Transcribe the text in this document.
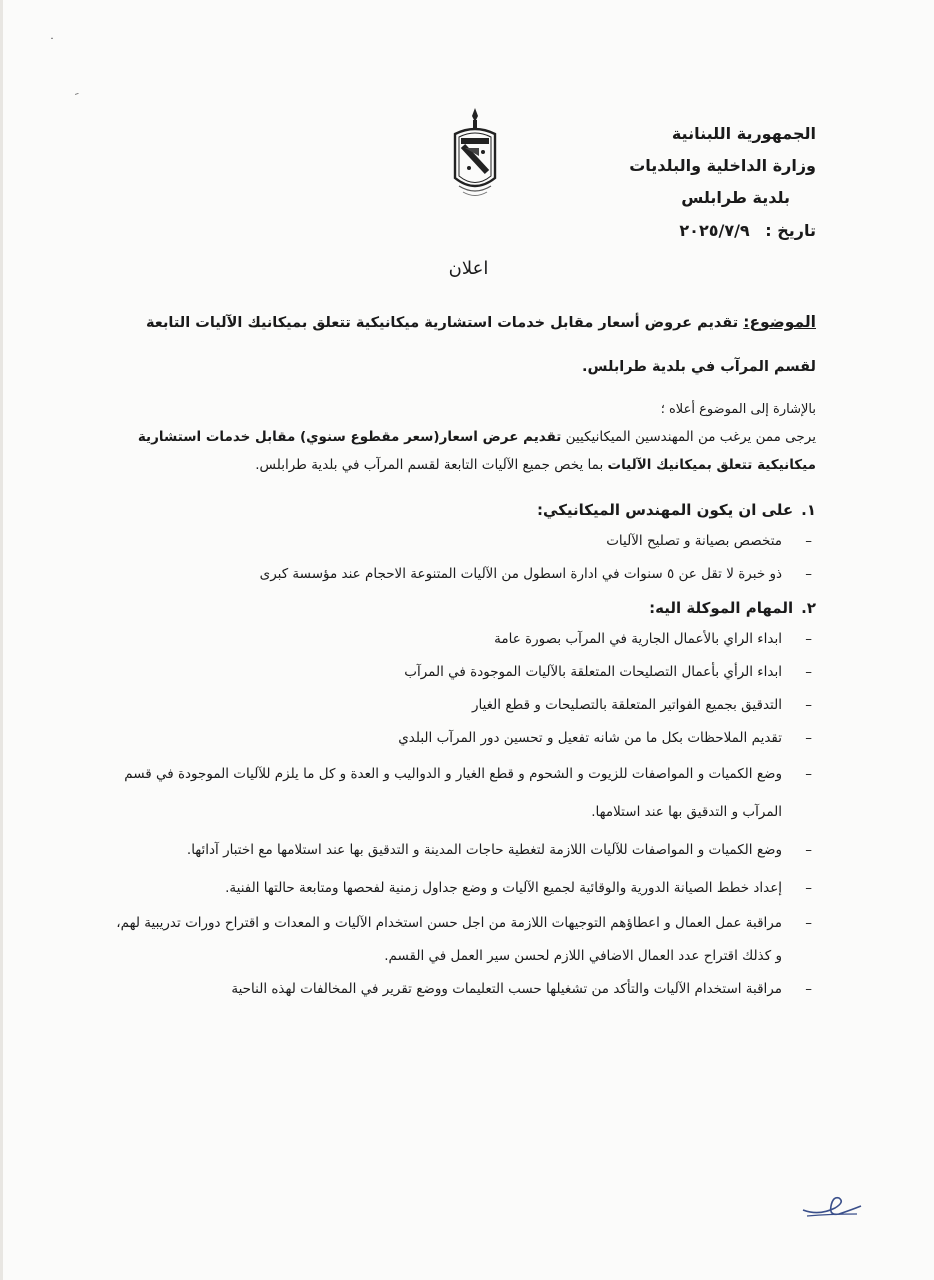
˙
ﹺ
الجمهورية اللبنانية
وزارة الداخلية والبلديات
بلدية طرابلس
تاريخ : ٢٠٢٥/٧/٩
اعلان
الموضوع: تقديم عروض أسعار مقابل خدمات استشارية ميكانيكية تتعلق بميكانيك الآليات التابعة لقسم المرآب في بلدية طرابلس.
بالإشارة إلى الموضوع أعلاه ؛
يرجى ممن يرغب من المهندسين الميكانيكيين تقديم عرض اسعار(سعر مقطوع سنوي) مقابل خدمات استشارية ميكانيكية تتعلق بميكانيك الآليات بما يخص جميع الآليات التابعة لقسم المرآب في بلدية طرابلس.
١.على ان يكون المهندس الميكانيكي:
–
متخصص بصيانة و تصليح الآليات
–
ذو خبرة لا تقل عن ٥ سنوات في ادارة اسطول من الآليات المتنوعة الاحجام عند مؤسسة كبرى
٢.المهام الموكلة اليه:
–
ابداء الراي بالأعمال الجارية في المرآب بصورة عامة
–
ابداء الرأي بأعمال التصليحات المتعلقة بالآليات الموجودة في المرآب
–
التدقيق بجميع الفواتير المتعلقة بالتصليحات و قطع الغيار
–
تقديم الملاحظات بكل ما من شانه تفعيل و تحسين دور المرآب البلدي
–
وضع الكميات و المواصفات للزيوت و الشحوم و قطع الغيار و الدواليب و العدة و كل ما يلزم للآليات الموجودة في قسم المرآب و التدقيق بها عند استلامها.
–
وضع الكميات و المواصفات للآليات اللازمة لتغطية حاجات المدينة و التدقيق بها عند استلامها مع اختبار آدائها.
–
إعداد خطط الصيانة الدورية والوقائية لجميع الآليات و وضع جداول زمنية لفحصها ومتابعة حالتها الفنية.
–
مراقبة عمل العمال و اعطاؤهم التوجيهات اللازمة من اجل حسن استخدام الآليات و المعدات و اقتراح دورات تدريبية لهم، و كذلك اقتراح عدد العمال الاضافي اللازم لحسن سير العمل في القسم.
–
مراقبة استخدام الآليات والتأكد من تشغيلها حسب التعليمات ووضع تقرير في المخالفات لهذه الناحية
